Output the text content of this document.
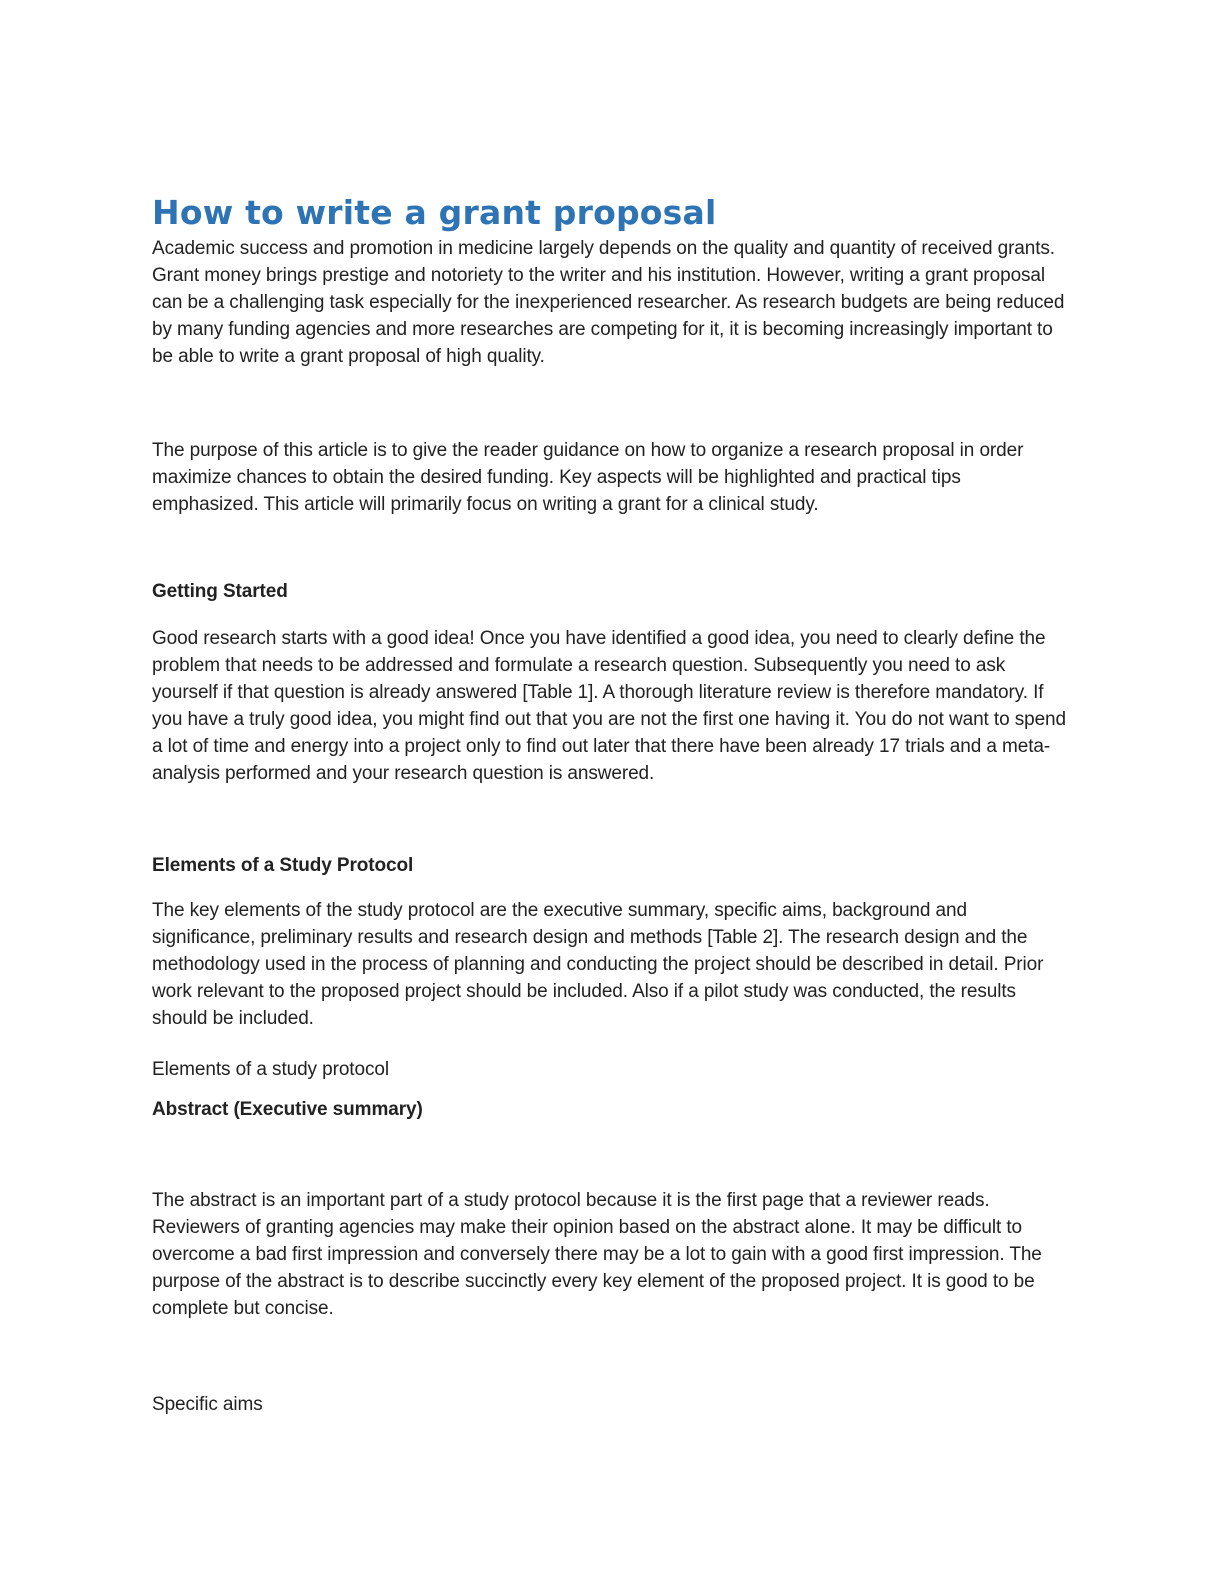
How to write a grant proposal

Academic success and promotion in medicine largely depends on the quality and quantity of received grants. Grant money brings prestige and notoriety to the writer and his institution. However, writing a grant proposal can be a challenging task especially for the inexperienced researcher. As research budgets are being reduced by many funding agencies and more researches are competing for it, it is becoming increasingly important to be able to write a grant proposal of high quality.

The purpose of this article is to give the reader guidance on how to organize a research proposal in order maximize chances to obtain the desired funding. Key aspects will be highlighted and practical tips emphasized. This article will primarily focus on writing a grant for a clinical study.

Getting Started

Good research starts with a good idea! Once you have identified a good idea, you need to clearly define the problem that needs to be addressed and formulate a research question. Subsequently you need to ask yourself if that question is already answered [Table 1]. A thorough literature review is therefore mandatory. If you have a truly good idea, you might find out that you are not the first one having it. You do not want to spend a lot of time and energy into a project only to find out later that there have been already 17 trials and a meta-analysis performed and your research question is answered.

Elements of a Study Protocol

The key elements of the study protocol are the executive summary, specific aims, background and significance, preliminary results and research design and methods [Table 2]. The research design and the methodology used in the process of planning and conducting the project should be described in detail. Prior work relevant to the proposed project should be included. Also if a pilot study was conducted, the results should be included.

Elements of a study protocol

Abstract (Executive summary)

The abstract is an important part of a study protocol because it is the first page that a reviewer reads. Reviewers of granting agencies may make their opinion based on the abstract alone. It may be difficult to overcome a bad first impression and conversely there may be a lot to gain with a good first impression. The purpose of the abstract is to describe succinctly every key element of the proposed project. It is good to be complete but concise.

Specific aims
